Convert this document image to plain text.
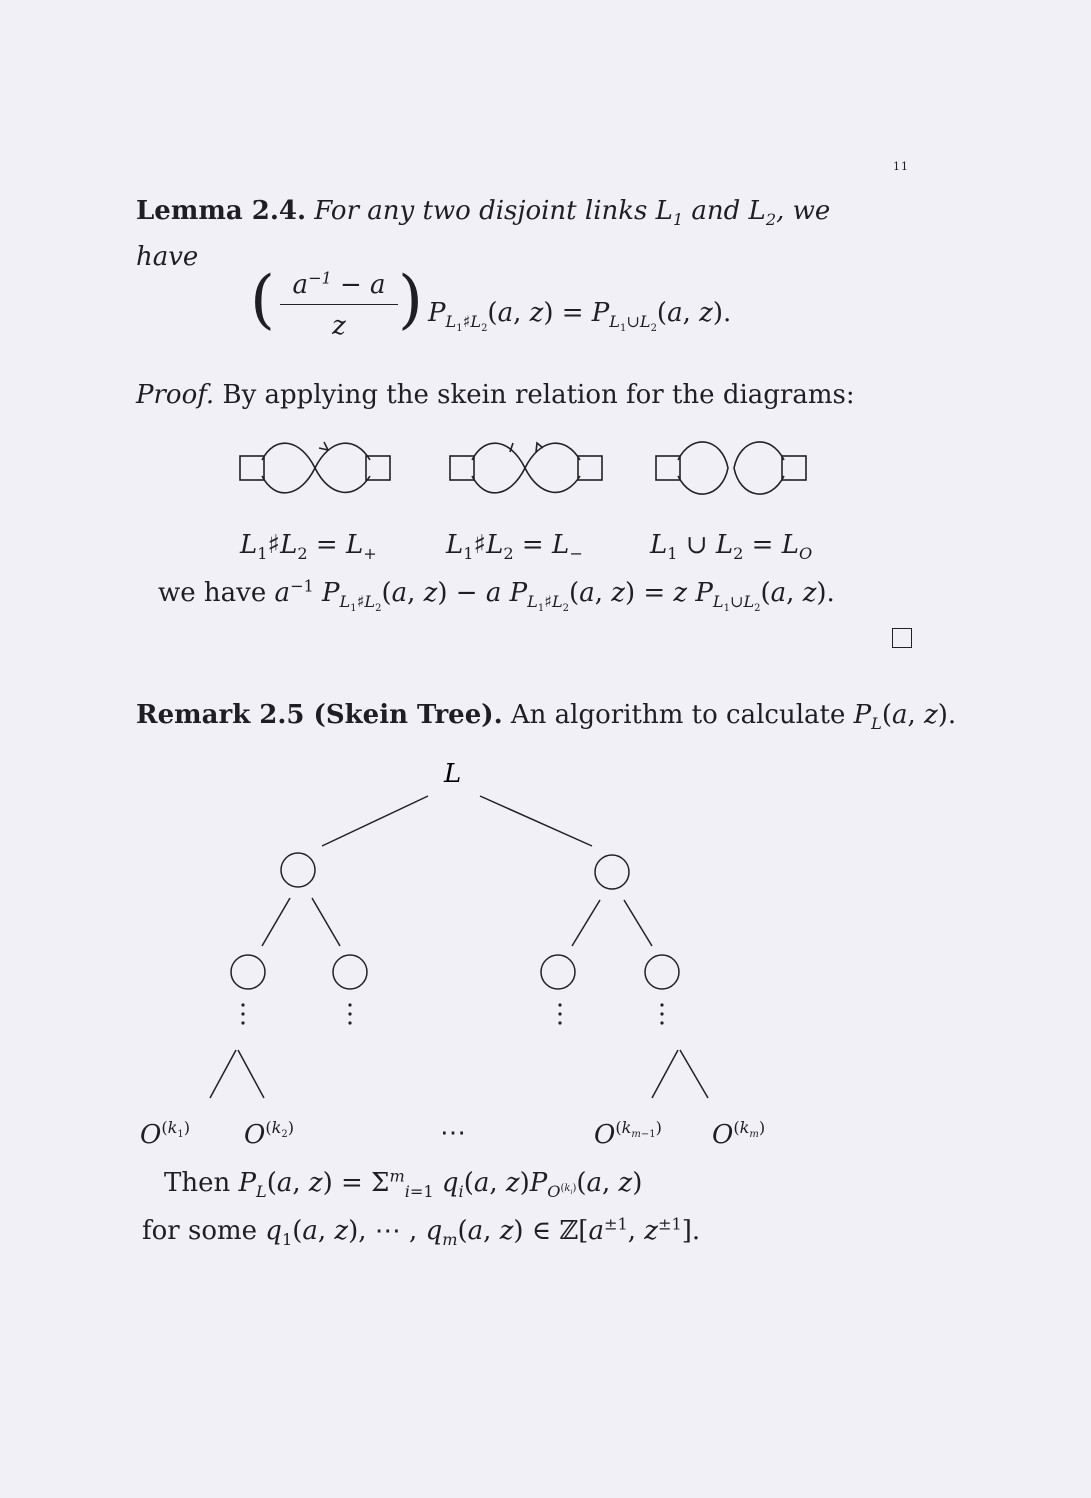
11
Lemma 2.4. For any two disjoint links $L_1$ and $L_2$, we
have
( $\frac{a^{-1} - a}{z}$ ) $P_{L_1♯L_2}(a$, $z) = P_{L_1\cup L_2}(a$, z).
Proof. By applying the skein relation for the diagrams:
$L_1♯L_2 = L_+$	$L_1♯L_2 = L_-$	$L_1$ ∪ $L_2 = L_O$
we have $a^{-1}$ $P_{L_1♯L_2}(a$, z) − a $P_{L_1♯L_2}(a$, z) = z $P_{L_1\cup L_2}(a$, z).
Remark 2.5 (Skein Tree). An algorithm to calculate $P_L(a$, z).
L
$O^{(k_1)}$ $O^{(k_2)}$	⋯	$O^{(k_{m-1})}$ $O^{(k_m)}$
Then $P_L(a$, $z) = \Sigma^m_{i=1}$ $q_i(a$, $z)P_{O^{(k_i)}}(a$, z)
for some $q_1(a$, z), ⋯ , $q_m(a$, z) ∈ $ℤ[a^{\pm 1}$, $z^{\pm 1}$].
